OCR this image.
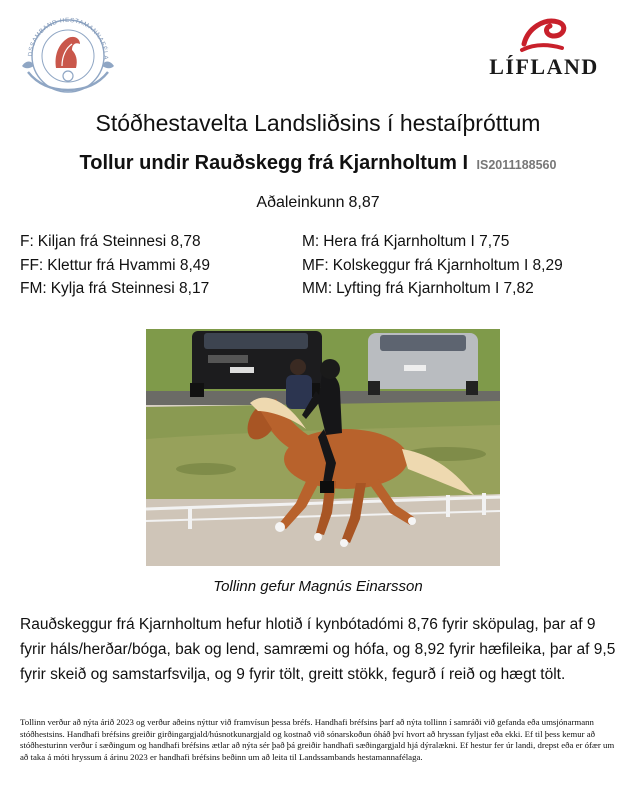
DSSAMBAND HESTAMANNAFÉLA	LÍFLAND
Stóðhestavelta Landsliðsins í hestaíþróttum
Tollur undir Rauðskegg frá Kjarnholtum I IS2011188560
Aðaleinkunn 8,87
F: Kiljan frá Steinnesi 8,78
FF: Klettur frá Hvammi 8,49
FM: Kylja frá Steinnesi 8,17
M: Hera frá Kjarnholtum I 7,75
MF: Kolskeggur frá Kjarnholtum I 8,29
MM: Lyfting frá Kjarnholtum I 7,82
Tollinn gefur Magnús Einarsson
Rauðskeggur frá Kjarnholtum hefur hlotið í kynbótadómi 8,76 fyrir sköpulag, þar af 9 fyrir háls/herðar/bóga, bak og lend, samræmi og hófa, og 8,92 fyrir hæfileika, þar af 9,5 fyrir skeið og samstarfsvilja, og 9 fyrir tölt, greitt stökk, fegurð í reið og hægt tölt.
Tollinn verður að nýta árið 2023 og verður aðeins nýttur við framvísun þessa bréfs. Handhafi bréfsins þarf að nýta tollinn í samráði við gefanda eða umsjónarmann stóðhestsins. Handhafi bréfsins greiðir girðingargjald/húsnotkunargjald og kostnað við sónarskoðun óháð því hvort að hryssan fyljast eða ekki. Ef til þess kemur að stóðhesturinn verður í sæðingum og handhafi bréfsins ætlar að nýta sér það þá greiðir handhafi sæðingargjald hjá dýralækni. Ef hestur fer úr landi, drepst eða er ófær um að taka á móti hryssum á árinu 2023 er handhafi bréfsins beðinn um að leita til Landssambands hestamannafélaga.
